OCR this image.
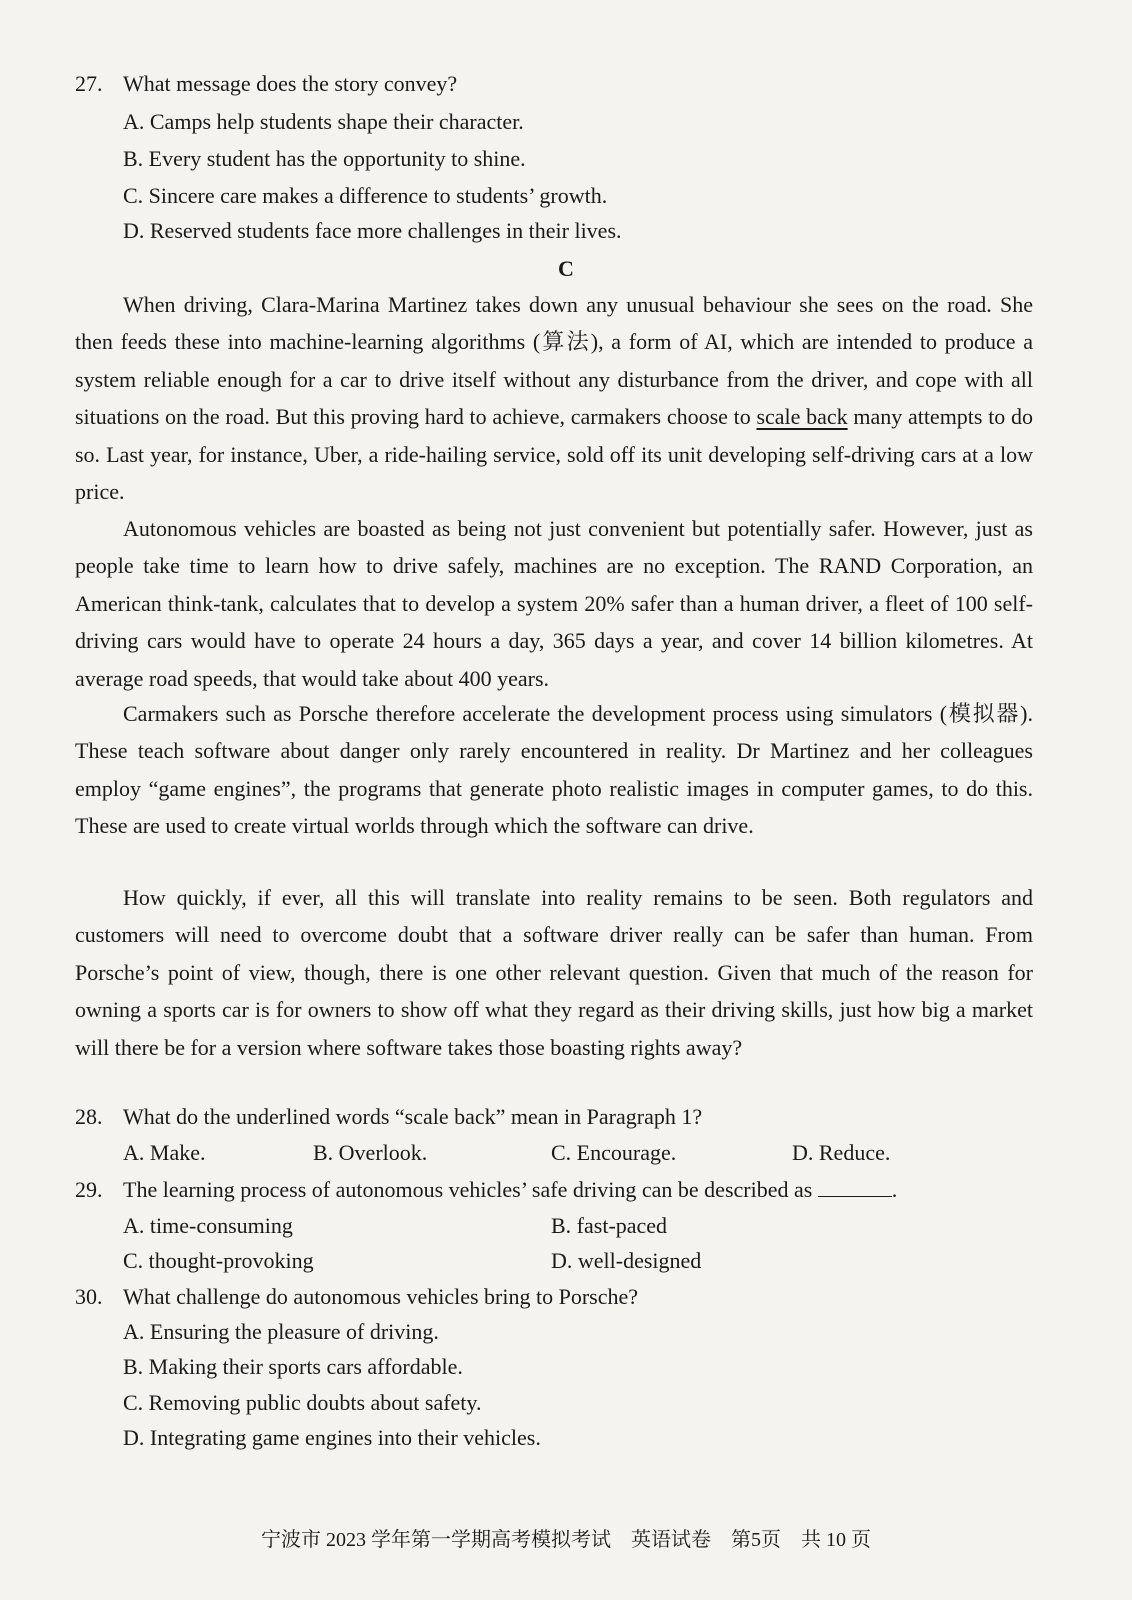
27. What message does the story convey?
A. Camps help students shape their character.
B. Every student has the opportunity to shine.
C. Sincere care makes a difference to students’ growth.
D. Reserved students face more challenges in their lives.
C

When driving, Clara-Marina Martinez takes down any unusual behaviour she sees on the road. She then feeds these into machine-learning algorithms (算法), a form of AI, which are intended to produce a system reliable enough for a car to drive itself without any disturbance from the driver, and cope with all situations on the road. But this proving hard to achieve, carmakers choose to scale back many attempts to do so. Last year, for instance, Uber, a ride-hailing service, sold off its unit developing self-driving cars at a low price.

Autonomous vehicles are boasted as being not just convenient but potentially safer. However, just as people take time to learn how to drive safely, machines are no exception. The RAND Corporation, an American think-tank, calculates that to develop a system 20% safer than a human driver, a fleet of 100 self-driving cars would have to operate 24 hours a day, 365 days a year, and cover 14 billion kilometres. At average road speeds, that would take about 400 years.

Carmakers such as Porsche therefore accelerate the development process using simulators (模拟器). These teach software about danger only rarely encountered in reality. Dr Martinez and her colleagues employ “game engines”, the programs that generate photo realistic images in computer games, to do this. These are used to create virtual worlds through which the software can drive.

How quickly, if ever, all this will translate into reality remains to be seen. Both regulators and customers will need to overcome doubt that a software driver really can be safer than human. From Porsche’s point of view, though, there is one other relevant question. Given that much of the reason for owning a sports car is for owners to show off what they regard as their driving skills, just how big a market will there be for a version where software takes those boasting rights away?

28. What do the underlined words “scale back” mean in Paragraph 1?
A. Make.	B. Overlook.	C. Encourage.	D. Reduce.
29. The learning process of autonomous vehicles’ safe driving can be described as	.
A. time-consuming	B. fast-paced
C. thought-provoking	D. well-designed
30. What challenge do autonomous vehicles bring to Porsche?
A. Ensuring the pleasure of driving.
B. Making their sports cars affordable.
C. Removing public doubts about safety.
D. Integrating game engines into their vehicles.
宁波市 2023 学年第一学期高考模拟考试　英语试卷　第5页　共 10 页
